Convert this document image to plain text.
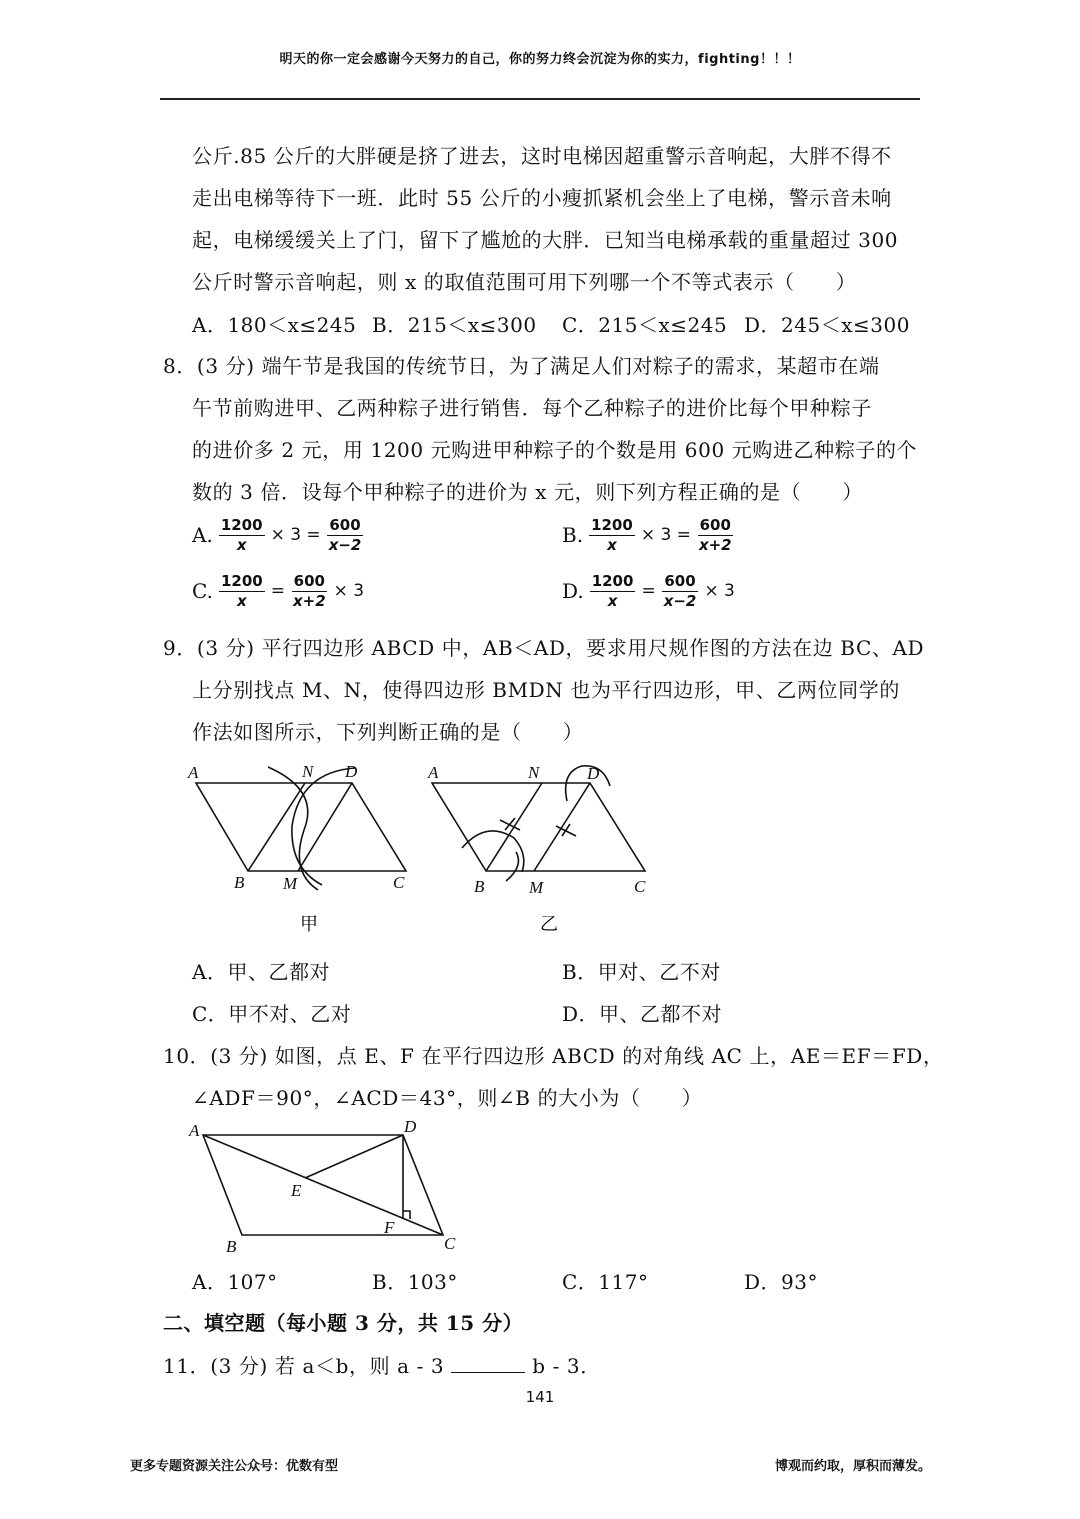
明天的你一定会感谢今天努力的自己，你的努力终会沉淀为你的实力，fighting！！！
公斤.85 公斤的大胖硬是挤了进去，这时电梯因超重警示音响起，大胖不得不
走出电梯等待下一班．此时 55 公斤的小瘦抓紧机会坐上了电梯，警示音未响
起，电梯缓缓关上了门，留下了尴尬的大胖．已知当电梯承载的重量超过 300
公斤时警示音响起，则 x 的取值范围可用下列哪一个不等式表示（　　）
A．180＜x≤245 B．215＜x≤300 C．215＜x≤245 D．245＜x≤300
8．(3 分) 端午节是我国的传统节日，为了满足人们对粽子的需求，某超市在端
午节前购进甲、乙两种粽子进行销售．每个乙种粽子的进价比每个甲种粽子
的进价多 2 元，用 1200 元购进甲种粽子的个数是用 600 元购进乙种粽子的个
数的 3 倍．设每个甲种粽子的进价为 x 元，则下列方程正确的是（　　）
A. $\frac{1200}{x} \times 3 = \frac{600}{x-2}$	B. $\frac{1200}{x} \times 3 = \frac{600}{x+2}$
C. $\frac{1200}{x} = \frac{600}{x+2} \times 3$	D. $\frac{1200}{x} = \frac{600}{x-2} \times 3$
9．(3 分) 平行四边形 ABCD 中，AB＜AD，要求用尺规作图的方法在边 BC、AD
上分别找点 M、N，使得四边形 BMDN 也为平行四边形，甲、乙两位同学的
作法如图所示，下列判断正确的是（　　）
A	N D
B M	C
甲
A	N	D
B	M	C
乙
A．甲、乙都对	B．甲对、乙不对
C．甲不对、乙对	D．甲、乙都不对
10．(3 分) 如图，点 E、F 在平行四边形 ABCD 的对角线 AC 上，AE＝EF＝FD，
∠ADF＝90°，∠ACD＝43°，则∠B 的大小为（　　）
A	D
E
F
B	C
A．107°	B．103°	C．117°	D．93°
二、填空题（每小题 3 分，共 15 分）
11．(3 分) 若 a＜b，则 a - 3	b - 3．
141
更多专题资源关注公众号：优数有型	博观而约取，厚积而薄发。
